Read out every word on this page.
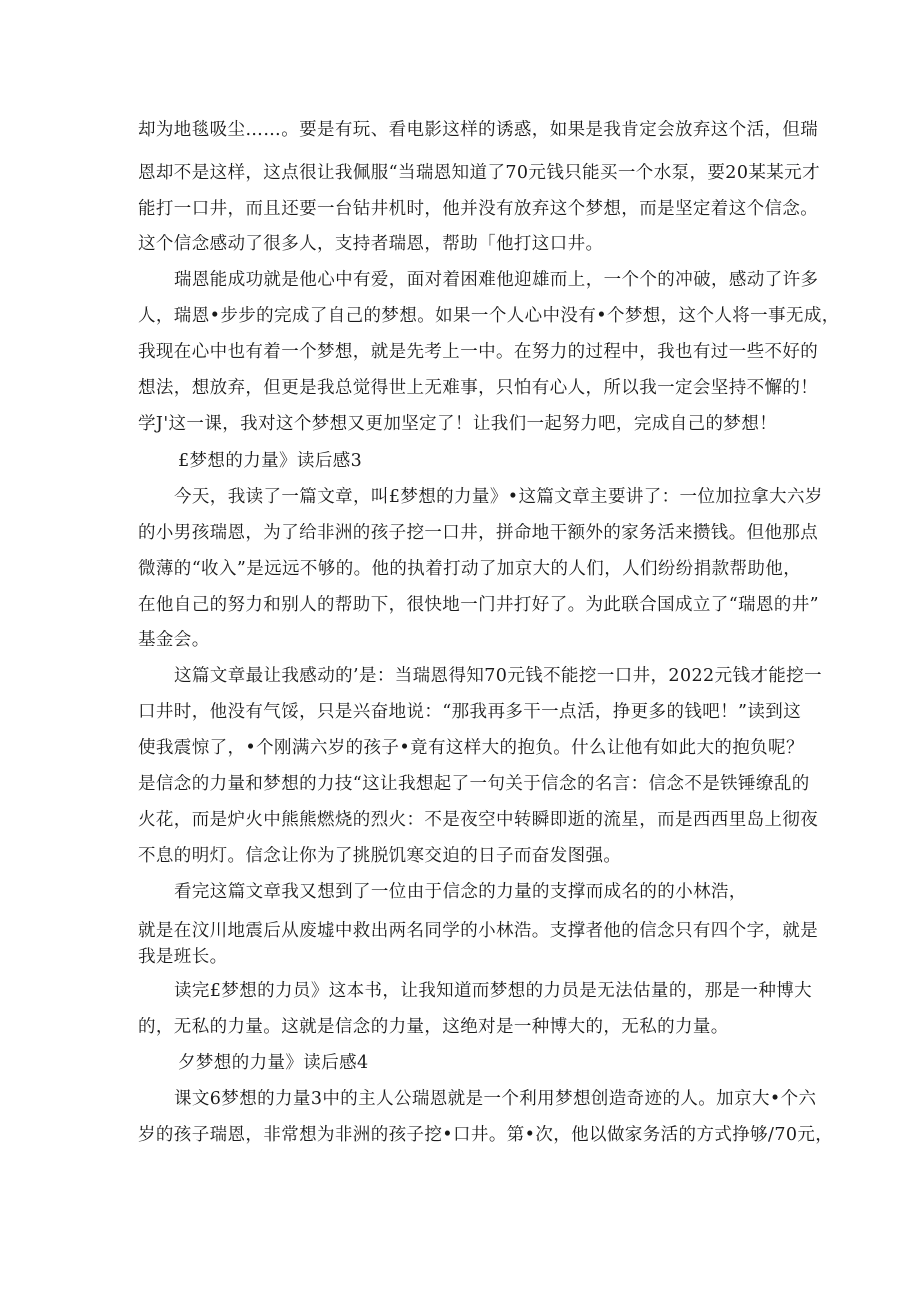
却为地毯吸尘……。要是有玩、看电影这样的诱惑，如果是我肯定会放弃这个活，但瑞
恩却不是这样，这点很让我佩服“当瑞恩知道了70元钱只能买一个水泵，要20某某元才
能打一口井，而且还要一台钻井机时，他并没有放弃这个梦想，而是坚定着这个信念。
这个信念感动了很多人，支持者瑞恩，帮助「他打这口井。
瑞恩能成功就是他心中有爱，面对着困难他迎雄而上，一个个的冲破，感动了许多
人，瑞恩•步步的完成了自己的梦想。如果一个人心中没有•个梦想，这个人将一事无成，
我现在心中也有着一个梦想，就是先考上一中。在努力的过程中，我也有过一些不好的
想法，想放弃，但更是我总觉得世上无难事，只怕有心人，所以我一定会坚持不懈的！
学J'这一课，我对这个梦想又更加坚定了！让我们一起努力吧，完成自己的梦想！
£梦想的力量》读后感3
今天，我读了一篇文章，叫£梦想的力量》•这篇文章主要讲了：一位加拉拿大六岁
的小男孩瑞恩，为了给非洲的孩子挖一口井，拼命地干额外的家务活来攒钱。但他那点
微薄的“收入”是远远不够的。他的执着打动了加京大的人们，人们纷纷捐款帮助他，
在他自己的努力和别人的帮助下，很快地一门井打好了。为此联合国成立了“瑞恩的井”
基金会。
这篇文章最让我感动的’是：当瑞恩得知70元钱不能挖一口井，2022元钱才能挖一
口井时，他没有气馁，只是兴奋地说：“那我再多干一点活，挣更多的钱吧！”读到这
使我震惊了，•个刚满六岁的孩子•竟有这样大的抱负。什么让他有如此大的抱负呢？
是信念的力量和梦想的力技“这让我想起了一句关于信念的名言：信念不是铁锤缭乱的
火花，而是炉火中熊熊燃烧的烈火：不是夜空中转瞬即逝的流星，而是西西里岛上彻夜
不息的明灯。信念让你为了挑脱饥寒交迫的日子而奋发图强。
看完这篇文章我又想到了一位由于信念的力量的支撑而成名的的小林浩，
就是在汶川地震后从废墟中救出两名同学的小林浩。支撑者他的信念只有四个字，就是
我是班长。
读完£梦想的力员》这本书，让我知道而梦想的力员是无法估量的，那是一种博大
的，无私的力量。这就是信念的力量，这绝对是一种博大的，无私的力量。
夕梦想的力量》读后感4
课文6梦想的力量3中的主人公瑞恩就是一个利用梦想创造奇迹的人。加京大•个六
岁的孩子瑞恩，非常想为非洲的孩子挖•口井。第•次，他以做家务活的方式挣够/70元，
